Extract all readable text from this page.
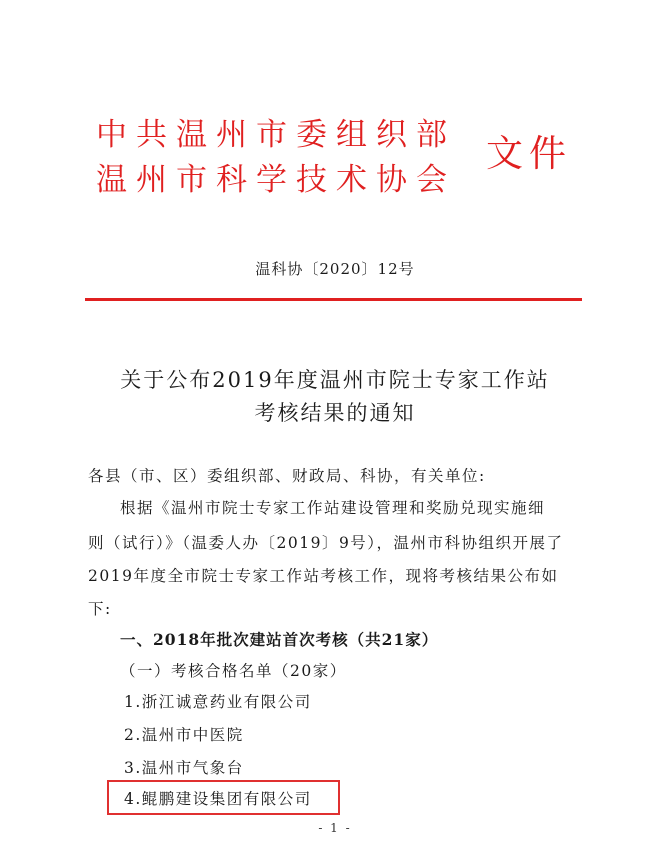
中共温州市委组织部
温州市科学技术协会
文件
温科协〔2020〕12号
关于公布2019年度温州市院士专家工作站
考核结果的通知
各县（市、区）委组织部、财政局、科协，有关单位:
根据《温州市院士专家工作站建设管理和奖励兑现实施细
则（试行）》（温委人办〔2019〕9号），温州市科协组织开展了
2019年度全市院士专家工作站考核工作，现将考核结果公布如
下:
一、2018年批次建站首次考核（共21家）
（一）考核合格名单（20家）
1.浙江诚意药业有限公司
2.温州市中医院
3.温州市气象台
4.鲲鹏建设集团有限公司
- 1 -
